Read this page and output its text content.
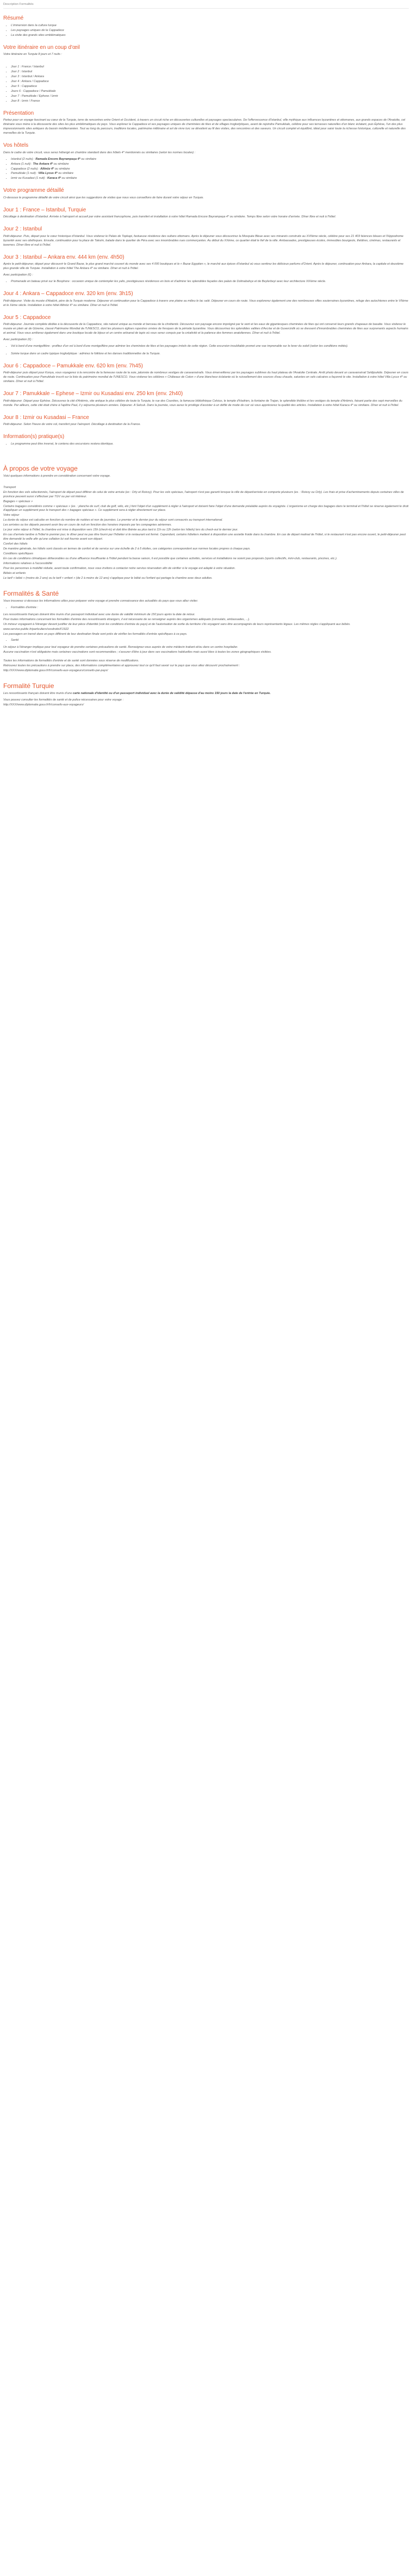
Description Formalités
Résumé
• L'immersion dans la culture turque
• Les paysages uniques de la Cappadoce
• La visite des grands sites emblématiques
Votre itinéraire en un coup d'œil

Votre itinéraire en Turquie 8 jours et 7 nuits :

• Jour 1 : France / Istanbul
• Jour 2 : Istanbul
• Jour 3 : Istanbul / Ankara
• Jour 4 : Ankara / Cappadoce
• Jour 5 : Cappadoce
• Jours 6 : Cappadoce / Pamukkale
• Jour 7 : Pamukkale / Ephese / Izmir
• Jour 8 : Izmir / France
Présentation

Partez pour un voyage fascinant au cœur de la Turquie, terre de rencontres entre Orient et Occident, à travers un circuit riche en découvertes culturelles et paysages spectaculaires. De l'effervescence d'Istanbul, ville mythique aux influences byzantines et ottomanes, aux grands espaces de l'Anatolie, cet itinéraire vous mène à la découverte des sites les plus emblématiques du pays. Vous explorez la Cappadoce et ses paysages uniques de cheminées de fées et de villages troglodytiques, avant de rejoindre Pamukkale, célèbre pour ses terrasses naturelles d'un blanc éclatant, puis Éphèse, l'un des plus impressionnants sites antiques du bassin méditerranéen. Tout au long du parcours, traditions locales, patrimoine millénaire et art de vivre turc se dévoilent au fil des visites, des rencontres et des saveurs. Un circuit complet et équilibré, idéal pour saisir toute la richesse historique, culturelle et naturelle des merveilles de la Turquie.

Vos hôtels

Dans le cadre de votre circuit, vous serez hébergé en chambre standard dans des hôtels 4* mentionnés ou similaires (selon les normes locales) :

• Istanbul (2 nuits) : Ramada Encore Bayrampaşa 4* ou similaire
• Ankara (1 nuit) : The Ankara 4* ou similaire
• Cappadoce (2 nuits) : Altinöz 4* ou similaire
• Pamukkale (1 nuit) : Villa Lycus 4* ou similaire
• Izmir ou Kusadasi (1 nuit) : Karaca 4* ou similaire
Votre programme détaillé

Ci-dessous le programme détaillé de votre circuit ainsi que les suggestions de visites que nous vous conseillons de faire durant votre séjour en Turquie.

Jour 1 : France – Istanbul, Turquie

Décollage à destination d'Istanbul. Arrivée à l'aéroport et accueil par votre assistant francophone, puis transfert et installation à votre hôtel Ramada Encore Bayrampaşa 4* ou similaire. Temps libre selon votre horaire d'arrivée. Dîner libre et nuit à l'hôtel.

Jour 2 : Istanbul

Petit-déjeuner. Puis, départ pour le cœur historique d'Istanbul. Vous visiterez le Palais de Topkapi, fastueuse résidence des sultans ottomans. Après le déjeuner vous découvrirez la Mosquée Bleue avec ses minarets construits au XVIIème siècle, célèbre pour ses 21 403 faïences bleues et l'Hippodrome byzantin avec ses obélisques. Ensuite, continuation pour la place de Taksim, balade dans le quartier de Péra avec ses innombrables rues commerçantes. Au début du XXème, ce quartier était le fief de la ville. Ambassades, prestigieuses écoles, immeubles bourgeois, théâtres, cinémas, restaurants et tavernes. Dîner libre et nuit à l'hôtel.

Jour 3 : Istanbul – Ankara env. 444 km (env. 4h50)

Après le petit-déjeuner, départ pour découvrir le Grand Bazar, le plus grand marché couvert du monde avec ses 4 000 boutiques et le « Bazar Egyptien », le marché aux épices d'Istanbul où vous sentirez les délicieux parfums d'Orient. Après le déjeuner, continuation pour Ankara, la capitale et deuxième plus grande ville de Turquie. Installation à votre hôtel The Ankara 4* ou similaire. Dîner et nuit à l'hôtel.

Avec participation (€) :

• Promenade en bateau privé sur le Bosphore : occasion unique de contempler les yalis, prestigieuses résidences en bois et d'admirer les splendides façades des palais de Dolmabahçe et de Beylerbeyi avec leur architecture XIXème siècle.
Jour 4 : Ankara – Cappadoce env. 320 km (env. 3h15)

Petit-déjeuner. Visite du musée d'Atatürk, père de la Turquie moderne. Déjeuner et continuation pour la Cappadoce à travers une plaine au milieu le lac salé. Déjeuner en cours de route. Vous explorerez également une des nombreuses villes souterraines byzantines, refuge des autochtones entre le VIIème et le Xème siècle. Installation à votre hôtel Altinöz 4* ou similaire. Dîner et nuit à l'hôtel.

Jour 5 : Cappadoce

Petit-déjeuner. Journée complète dédiée à la découverte de la Cappadoce, site naturel unique au monde et berceau de la chrétienté. Découvrez son paysage encore imprégné par le vent et les eaux de gigantesques cheminées de fées qui ont conservé leurs grands chapeaux de basalte. Vous visiterez le musée en plein air de Göreme, classé Patrimoine Mondial de l'UNESCO, dont les plusieurs églises rupestres ornées de fresques de la période byzantine. Vous découvrirez les splendides vallées d'Avcılar et de Guvercinlik où se dressent d'innombrables cheminées de fées aux surprenants aspects humains et animal. Vous vous arrêterez également dans une boutique locale de bijoux et un centre artisanal de tapis où vous serez conquis par la créativité et la patience des femmes anatoliennes. Dîner et nuit à l'hôtel.

Avec participation (€) :

• Vol à bord d'une montgolfière : profitez d'un vol à bord d'une montgolfière pour admirer les cheminées de fées et les paysages irréels de cette région. Cette excursion inoubliable promet une vue imprenable sur le lever du soleil (selon les conditions météo).
• Soirée turque dans un cadre typique troglodytique : admirez le folklore et les danses traditionnelles de la Turquie.
Jour 6 : Cappadoce – Pamukkale env. 620 km (env. 7h45)

Petit-déjeuner puis départ pour Konya, vous voyagerez à la rencontre de la fameuse route de la soie, jalonnée de nombreux vestiges de caravansérails. Vous émerveillerez par les paysages sublimes du haut plateau de l'Anatolie Centrale. Arrêt photo devant un caravansérail Seldjoukide. Déjeuner en cours de route. Continuation pour Pamukkale inscrit sur la liste du patrimoine mondial de l'UNESCO. Vous visiterez les célèbres « Châteaux de Coton » d'une blancheur éclatante où le ruissellement des sources d'eau chaude, saturées en sels calcaires a façonné le site. Installation à votre hôtel Villa Lycus 4* ou similaire. Dîner et nuit à l'hôtel.

Jour 7 : Pamukkale – Ephese – Izmir ou Kusadasi env. 250 km (env. 2h40)

Petit-déjeuner. Départ pour Ephèse. Découvrez la cité d'Artémis, site antique le plus célèbre de toute la Turquie, le rue des Courètes, la fameuse bibliothèque Celsius, le temple d'Hadrien, la fontaine de Trajan, le splendide théâtre et les vestiges du temple d'Artémis, faisant partie des sept merveilles du monde. Par ailleurs, cette cité était chère à l'apôtre Paul, il y séjourna plusieurs années. Déjeuner. A Selcuk. Dans la journée, vous aurez le privilège d'assister à un défilé de mode de cuir où vous apprécierez la qualité des articles. Installation à votre hôtel Karaca 4* ou similaire. Dîner et nuit à l'hôtel.

Jour 8 : Izmir ou Kusadasi – France

Petit-déjeuner. Selon l'heure de votre vol, transfert pour l'aéroport. Décollage à destination de la France.

Information(s) pratique(s)
• Le programme peut être inversé, le contenu des excursions restera identique.
À propos de votre voyage

Voici quelques informations à prendre en considération concernant votre voyage.

Transport

En fonction des vols sélectionnés, l'aéroport de départ peut différer de celui de votre arrivée (ex : Orly et Roissy). Pour les vols spéciaux, l'aéroport n'est pas garanti lorsque la ville de départ/arrivée en comporte plusieurs (ex. : Roissy ou Orly). Les frais et prise d'acheminements depuis certaines villes de province peuvent aussi s'effectuer par TGV ou par vol intérieur.

Bagages « spéciaux »

Certains bagages considérés comme « spéciaux » (ex. : planche de surf, club de golf, vélo, etc.) font l'objet d'un supplément à régler à l'aéroport et doivent faire l'objet d'une demande préalable auprès du voyagiste. L'organisme en charge des bagages dans le terminal et l'hôtel se réserve également le droit d'appliquer un supplément pour le transport des « bagages spéciaux ». Ce supplément sera à régler directement sur place.

Votre séjour

La durée du séjour est calculée en fonction du nombre de nuitées et non de journées. Le premier et le dernier jour du séjour sont consacrés au transport international.

Les arrivées ou les départs peuvent avoir lieu en cours de nuit en fonction des horaires imposés par les compagnies aériennes.

Le jour votre séjour à l'hôtel, la chambre est mise à disposition vers 15h (check-in) et doit être libérée au plus tard à 11h ou 12h (selon les hôtels) lors du check-out le dernier jour.

En cas d'arrivée tardive à l'hôtel le premier jour, le dîner peut ne pas être fourni par l'hôtelier si le restaurant est fermé. Cependant, certains hôteliers mettent à disposition une assiette froide dans la chambre. En cas de départ matinal de l'hôtel, si le restaurant n'est pas encore ouvert, le petit-déjeuner peut être demandé la veille afin qu'une collation lui soit fournie avant son départ.

Confort des hôtels

De manière générale, les hôtels sont classés en termes de confort et de service sur une échelle de 2 à 5 étoiles, ces catégories correspondent aux normes locales propres à chaque pays.

Conditions spécifiques

En cas de conditions climatiques défavorables ou d'une affluence insuffisante à l'hôtel pendant la basse saison, il est possible que certaines activités, services et installations ne soient pas proposés (sports collectifs, mini-club, restaurants, piscines, etc.).

Informations relatives à l'accessibilité

Pour les personnes à mobilité réduite, avant toute confirmation, nous vous invitons à contacter notre service réservation afin de vérifier si le voyage est adapté à votre situation.

Bébés et enfants

Le tarif « bébé » (moins de 2 ans) ou le tarif « enfant » (de 2 à moins de 12 ans) s'applique pour le bébé ou l'enfant qui partage la chambre avec deux adultes.

Formalités & Santé

Vous trouverez ci-dessous les informations utiles pour préparer votre voyage et prendre connaissance des actualités du pays que vous allez visiter.

• Formalités d'entrée :

Les ressortissants français doivent être munis d'un passeport individuel avec une durée de validité minimum de 150 jours après la date de retour.

Pour toutes informations concernant les formalités d'entrée des ressortissants étrangers, il est nécessaire de se renseigner auprès des organismes adéquats (consulats, ambassades, ...).

Un mineur voyageant à l'étranger devant justifier de leur pièce d'identité (voir les conditions d'entrée du pays) et de l'autorisation de sortie du territoire s'ils voyagent sans être accompagnés de leurs représentants légaux. Les mêmes règles s'appliquent aux bébés.

www.service-public.fr/particuliers/vosdroits/F1922

Les passagers en transit dans un pays différent de leur destination finale sont priés de vérifier les formalités d'entrée spécifiques à ce pays.

• Santé

Un séjour à l'étranger implique pour tout voyageur de prendre certaines précautions de santé. Renseignez-vous auprès de votre médecin traitant et/ou dans un centre hospitalier.

Aucune vaccination n'est obligatoire mais certaines vaccinations sont recommandées ; s'assurer d'être à jour dans ses vaccinations habituelles mais aussi liées à toutes les zones géographiques visitées.

Toutes les informations de formalités d'entrée et de santé sont données sous réserve de modifications.

Retrouvez toutes les précautions à prendre sur place, des informations complémentaires et approuvez tout ce qu'il faut savoir sur le pays que vous allez découvrir prochainement :

http://XXX/www.diplomatie.gouv.fr/fr/conseils-aux-voyageurs/conseils-par-pays/

Formalité Turquie

Les ressortissants français doivent être munis d'une carte nationale d'identité ou d'un passeport individuel avec la durée de validité dépasse d'au moins 150 jours la date de l'entrée en Turquie.

Vous pouvez consulter les formalités de santé et de police nécessaires pour votre voyage :

http://XXX/www.diplomatie.gouv.fr/fr/conseils-aux-voyageurs/
